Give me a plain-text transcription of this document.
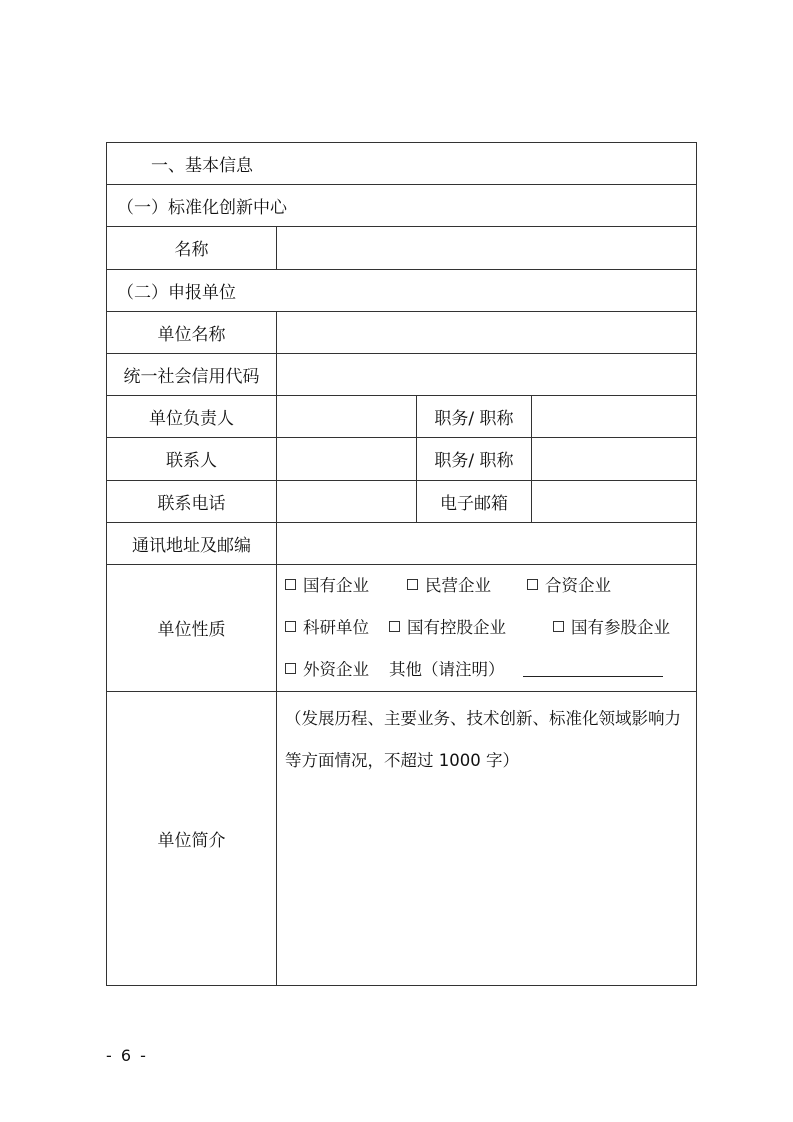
一、基本信息			
（一）标准化创新中心			
名称			
（二）申报单位			
单位名称			
统一社会信用代码			
单位负责人		职务/ 职称	
联系人		职务/ 职称	
联系电话		电子邮箱	
通讯地址及邮编			
单位性质	国有企业 民营企业 合资企业
科研单位 国有控股企业 国有参股企业
外资企业 其他（请注明）		

单位简介	（发展历程、主要业务、技术创新、标准化领域影响力等方面情况，不超过 1000 字）		
- 6 -
